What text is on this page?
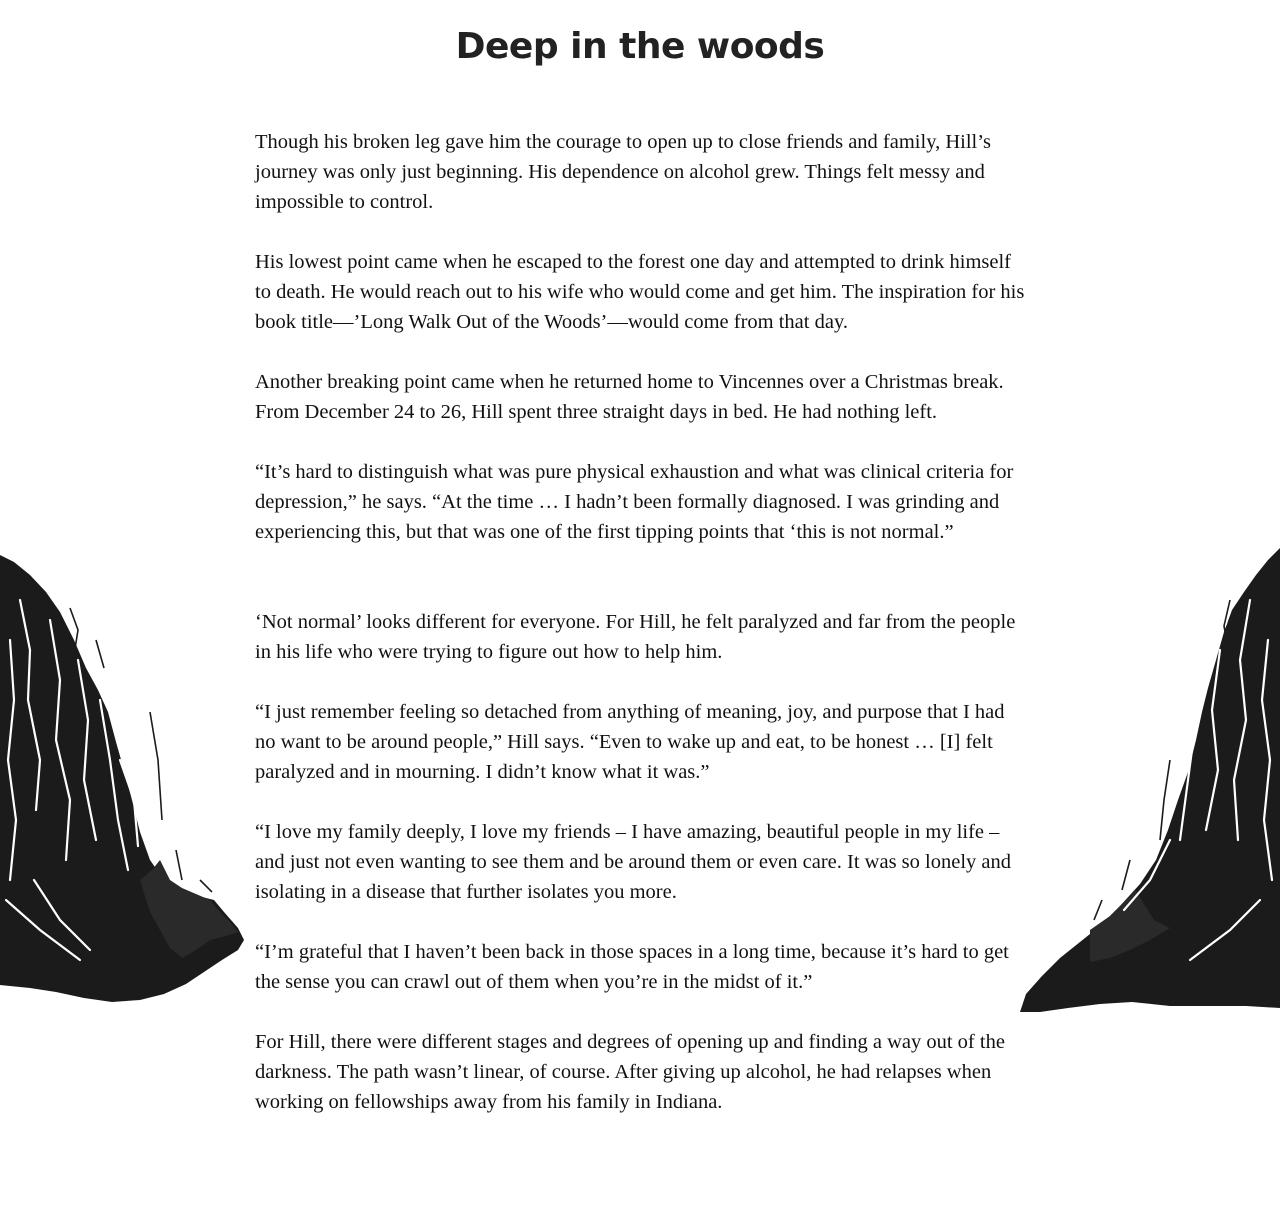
Deep in the woods

Though his broken leg gave him the courage to open up to close friends and family, Hill’s journey was only just beginning. His dependence on alcohol grew. Things felt messy and impossible to control.

His lowest point came when he escaped to the forest one day and attempted to drink himself to death. He would reach out to his wife who would come and get him. The inspiration for his book title—’Long Walk Out of the Woods’—would come from that day.

Another breaking point came when he returned home to Vincennes over a Christmas break. From December 24 to 26, Hill spent three straight days in bed. He had nothing left.

“It’s hard to distinguish what was pure physical exhaustion and what was clinical criteria for depression,” he says. “At the time … I hadn’t been formally diagnosed. I was grinding and experiencing this, but that was one of the first tipping points that ‘this is not normal.”

‘Not normal’ looks different for everyone. For Hill, he felt paralyzed and far from the people in his life who were trying to figure out how to help him.

“I just remember feeling so detached from anything of meaning, joy, and purpose that I had no want to be around people,” Hill says. “Even to wake up and eat, to be honest … [I] felt paralyzed and in mourning. I didn’t know what it was.”

“I love my family deeply, I love my friends – I have amazing, beautiful people in my life – and just not even wanting to see them and be around them or even care. It was so lonely and isolating in a disease that further isolates you more.

“I’m grateful that I haven’t been back in those spaces in a long time, because it’s hard to get the sense you can crawl out of them when you’re in the midst of it.”

For Hill, there were different stages and degrees of opening up and finding a way out of the darkness. The path wasn’t linear, of course. After giving up alcohol, he had relapses when working on fellowships away from his family in Indiana.
